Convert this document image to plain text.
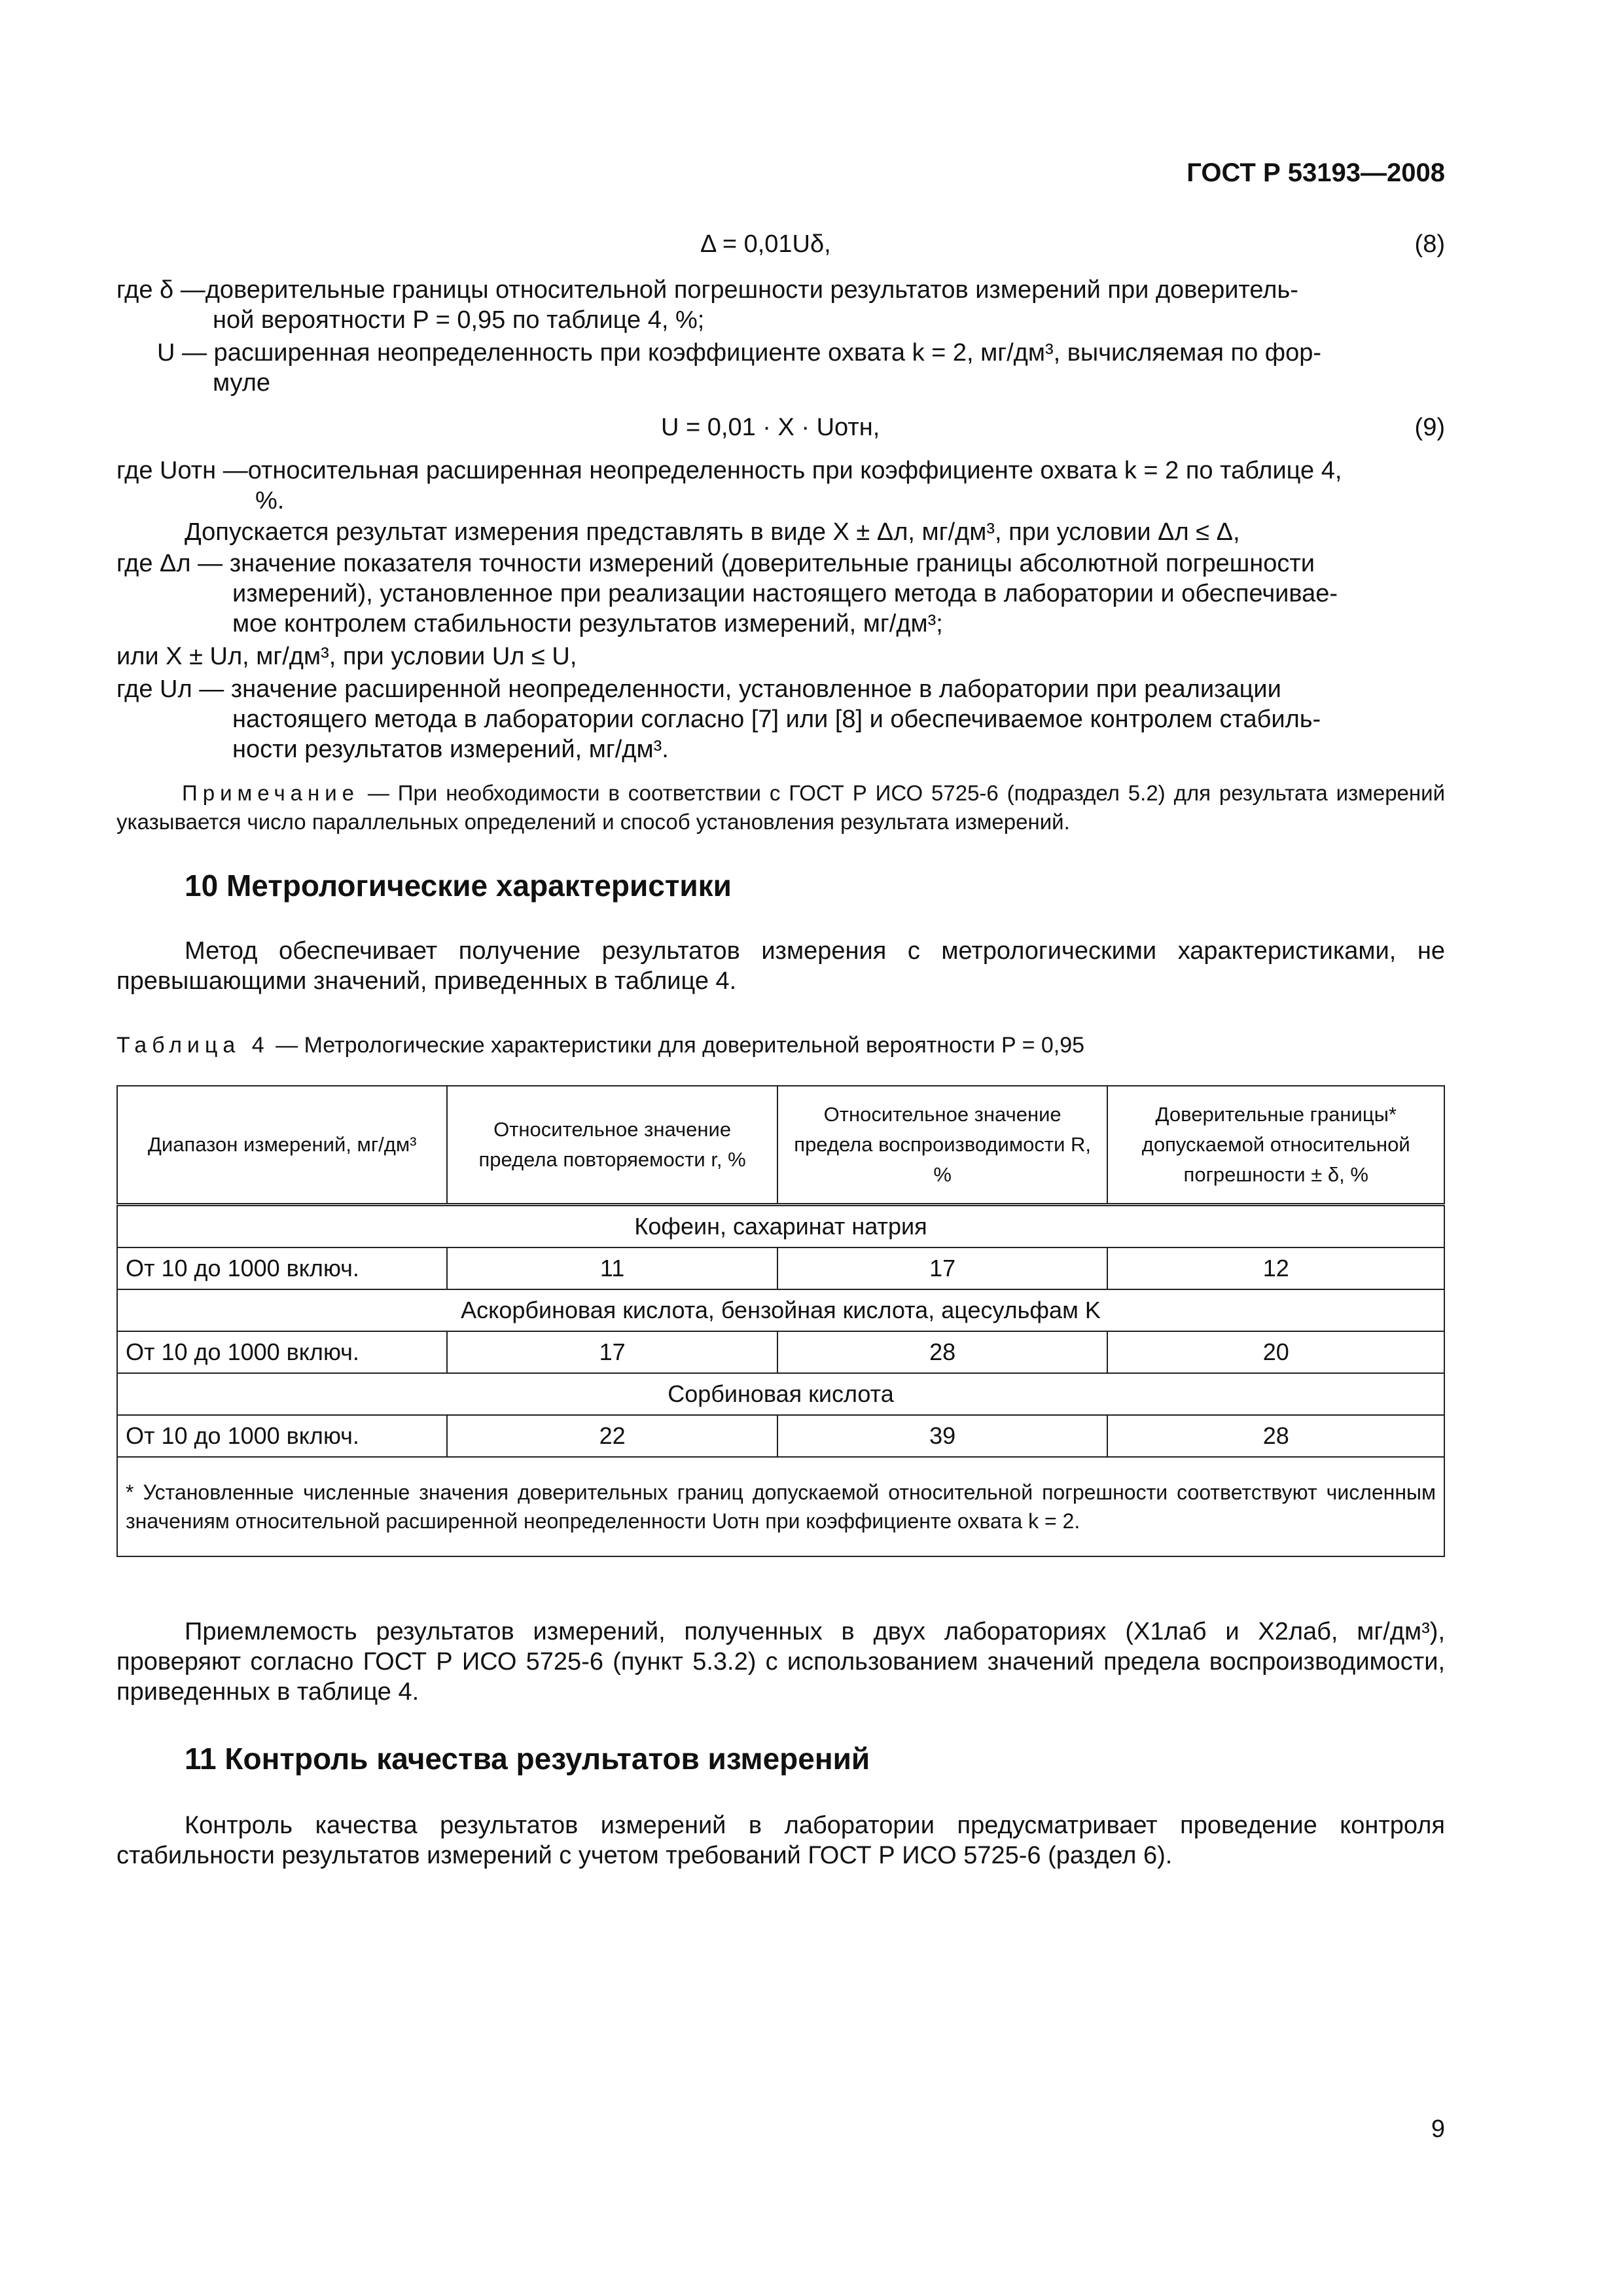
ГОСТ Р 53193—2008
Δ = 0,01Uδ,	(8)
где δ —доверительные границы относительной погрешности результатов измерений при доверитель-
ной вероятности P = 0,95 по таблице 4, %;
U — расширенная неопределенность при коэффициенте охвата k = 2, мг/дм³, вычисляемая по фор-
муле
U = 0,01 · X · Uотн,	(9)
где Uотн —относительная расширенная неопределенность при коэффициенте охвата k = 2 по таблице 4,
%.
Допускается результат измерения представлять в виде X ± Δл, мг/дм³, при условии Δл ≤ Δ,
где Δл — значение показателя точности измерений (доверительные границы абсолютной погрешности
измерений), установленное при реализации настоящего метода в лаборатории и обеспечивае-
мое контролем стабильности результатов измерений, мг/дм³;
или X ± Uл, мг/дм³, при условии Uл ≤ U,
где Uл — значение расширенной неопределенности, установленное в лаборатории при реализации
настоящего метода в лаборатории согласно [7] или [8] и обеспечиваемое контролем стабиль-
ности результатов измерений, мг/дм³.
Примечание — При необходимости в соответствии с ГОСТ Р ИСО 5725-6 (подраздел 5.2) для результата измерений указывается число параллельных определений и способ установления результата измерений.
10 Метрологические характеристики
Метод обеспечивает получение результатов измерения с метрологическими характеристиками, не превышающими значений, приведенных в таблице 4.
Таблица 4 — Метрологические характеристики для доверительной вероятности P = 0,95
Диапазон измерений, мг/дм³	Относительное значение предела повторяемости r, %	Относительное значение предела воспроизводимости R, %	Доверительные границы* допускаемой относительной погрешности ± δ, %
Кофеин, сахаринат натрия			
От 10 до 1000 включ.	11	17	12
Аскорбиновая кислота, бензойная кислота, ацесульфам K			
От 10 до 1000 включ.	17	28	20
Сорбиновая кислота			
От 10 до 1000 включ.	22	39	28
* Установленные численные значения доверительных границ допускаемой относительной погрешности соответствуют численным значениям относительной расширенной неопределенности Uотн при коэффициенте охвата k = 2.			
Приемлемость результатов измерений, полученных в двух лабораториях (X1лаб и X2лаб, мг/дм³), проверяют согласно ГОСТ Р ИСО 5725-6 (пункт 5.3.2) с использованием значений предела воспроизводимости, приведенных в таблице 4.
11 Контроль качества результатов измерений
Контроль качества результатов измерений в лаборатории предусматривает проведение контроля стабильности результатов измерений с учетом требований ГОСТ Р ИСО 5725-6 (раздел 6).
9
